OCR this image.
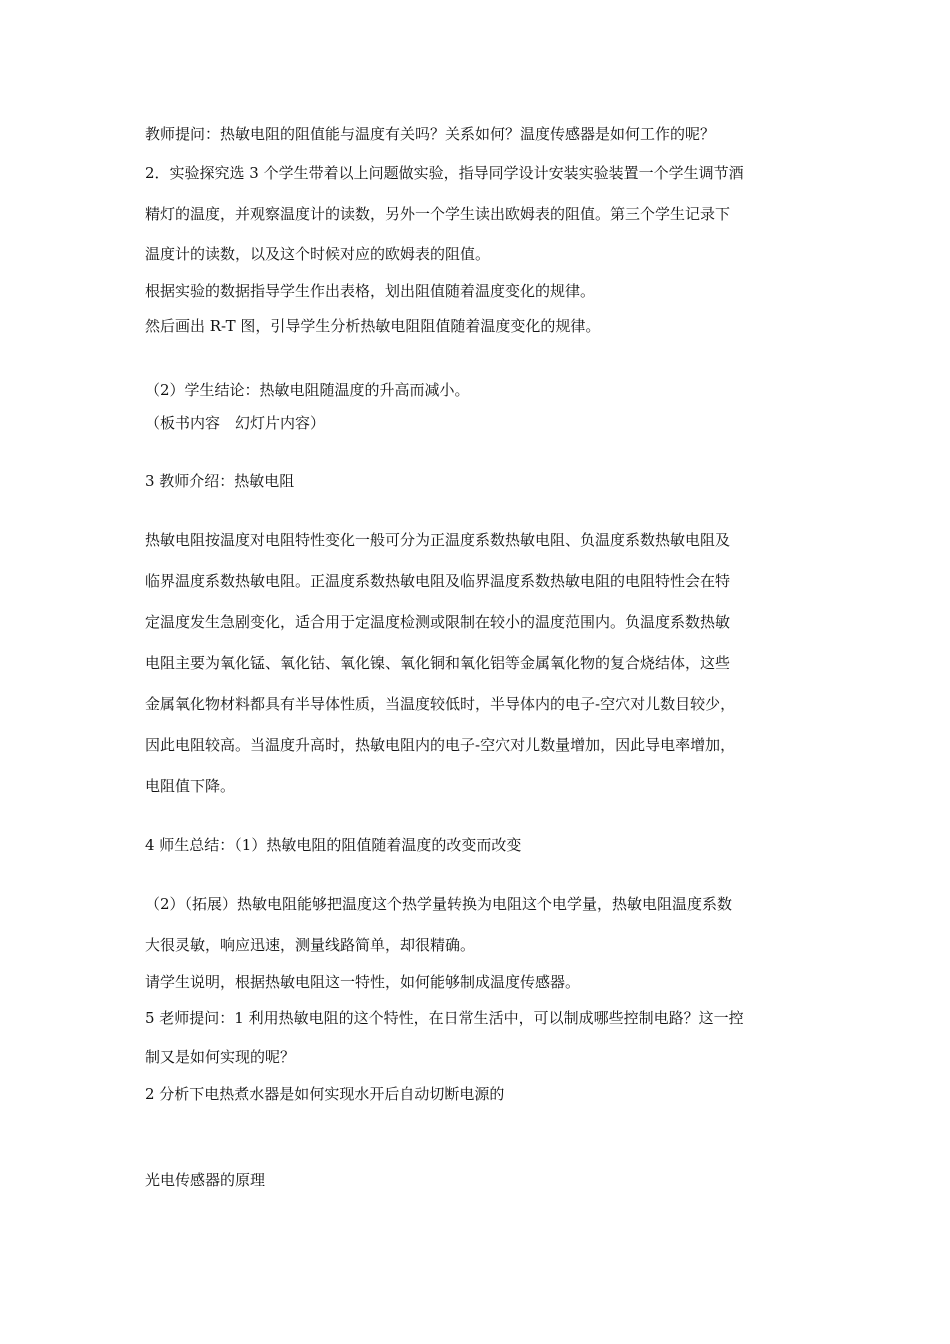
教师提问：热敏电阻的阻值能与温度有关吗？关系如何？温度传感器是如何工作的呢？
2．实验探究选 3 个学生带着以上问题做实验，指导同学设计安装实验装置一个学生调节酒
精灯的温度，并观察温度计的读数，另外一个学生读出欧姆表的阻值。第三个学生记录下
温度计的读数，以及这个时候对应的欧姆表的阻值。
根据实验的数据指导学生作出表格，划出阻值随着温度变化的规律。
然后画出 R-T 图，引导学生分析热敏电阻阻值随着温度变化的规律。
（2）学生结论：热敏电阻随温度的升高而减小。
（板书内容　幻灯片内容）
3 教师介绍：热敏电阻
热敏电阻按温度对电阻特性变化一般可分为正温度系数热敏电阻、负温度系数热敏电阻及
临界温度系数热敏电阻。正温度系数热敏电阻及临界温度系数热敏电阻的电阻特性会在特
定温度发生急剧变化，适合用于定温度检测或限制在较小的温度范围内。负温度系数热敏
电阻主要为氧化锰、氧化钴、氧化镍、氧化铜和氧化铝等金属氧化物的复合烧结体，这些
金属氧化物材料都具有半导体性质，当温度较低时，半导体内的电子-空穴对儿数目较少，
因此电阻较高。当温度升高时，热敏电阻内的电子-空穴对儿数量增加，因此导电率增加，
电阻值下降。
4 师生总结：（1）热敏电阻的阻值随着温度的改变而改变
（2）（拓展）热敏电阻能够把温度这个热学量转换为电阻这个电学量，热敏电阻温度系数
大很灵敏，响应迅速，测量线路简单，却很精确。
请学生说明，根据热敏电阻这一特性，如何能够制成温度传感器。
5 老师提问：1 利用热敏电阻的这个特性，在日常生活中，可以制成哪些控制电路？这一控
制又是如何实现的呢？
2 分析下电热煮水器是如何实现水开后自动切断电源的
光电传感器的原理
